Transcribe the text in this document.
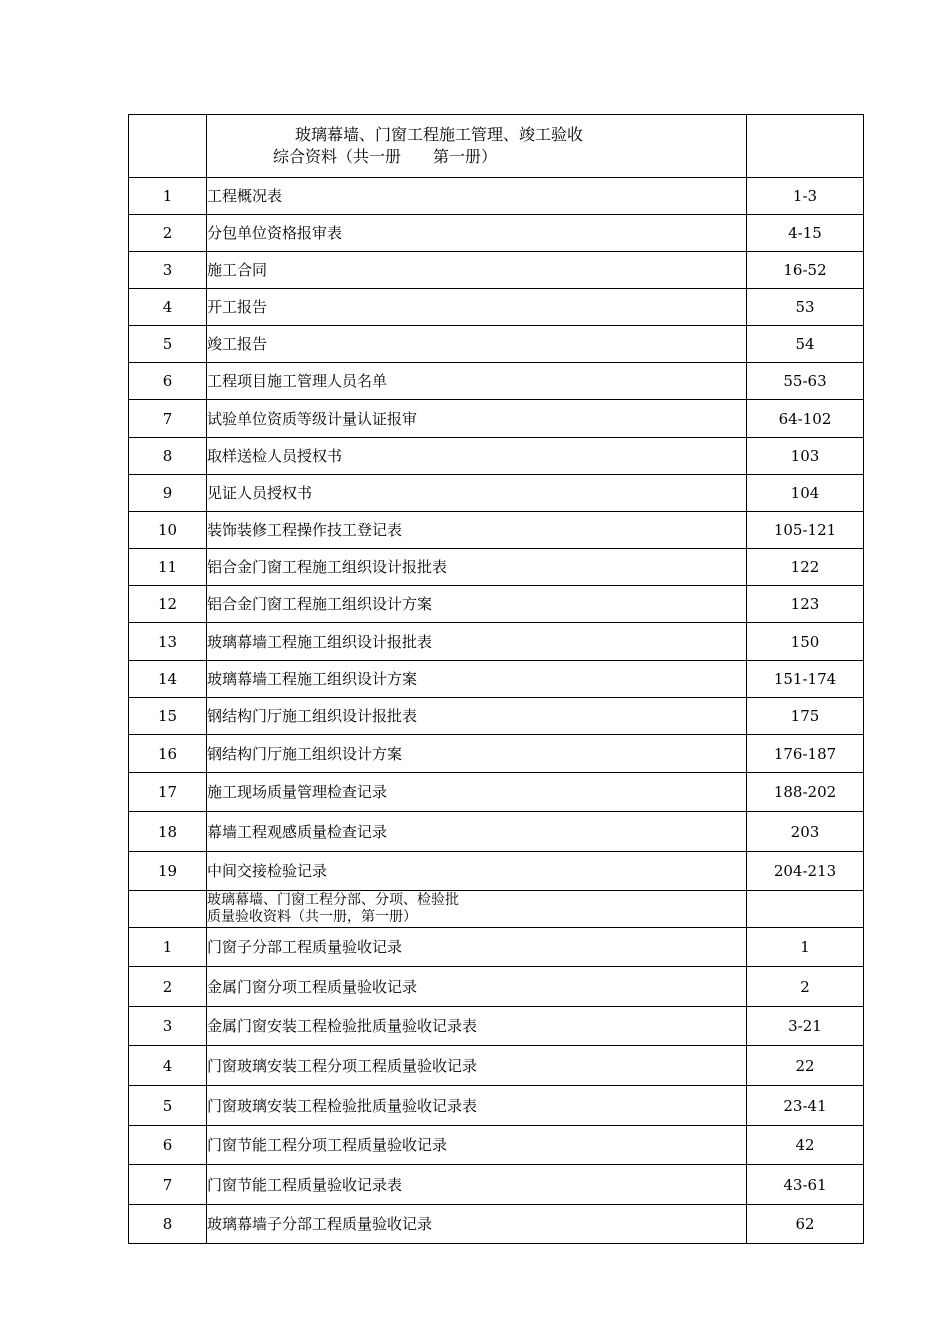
	玻璃幕墙、门窗工程施工管理、竣工验收
综合资料（共一册　　第一册）	

1	工程概况表	1-3
2	分包单位资格报审表	4-15
3	施工合同	16-52
4	开工报告	53
5	竣工报告	54
6	工程项目施工管理人员名单	55-63
7	试验单位资质等级计量认证报审	64-102
8	取样送检人员授权书	103
9	见证人员授权书	104
10	装饰装修工程操作技工登记表	105-121
11	铝合金门窗工程施工组织设计报批表	122
12	铝合金门窗工程施工组织设计方案	123
13	玻璃幕墙工程施工组织设计报批表	150
14	玻璃幕墙工程施工组织设计方案	151-174
15	钢结构门厅施工组织设计报批表	175
16	钢结构门厅施工组织设计方案	176-187
17	施工现场质量管理检查记录	188-202
18	幕墙工程观感质量检查记录	203
19	中间交接检验记录	204-213

	玻璃幕墙、门窗工程分部、分项、检验批
质量验收资料（共一册，第一册）	

1	门窗子分部工程质量验收记录	1
2	金属门窗分项工程质量验收记录	2
3	金属门窗安装工程检验批质量验收记录表	3-21
4	门窗玻璃安装工程分项工程质量验收记录	22
5	门窗玻璃安装工程检验批质量验收记录表	23-41
6	门窗节能工程分项工程质量验收记录	42
7	门窗节能工程质量验收记录表	43-61
8	玻璃幕墙子分部工程质量验收记录	62
